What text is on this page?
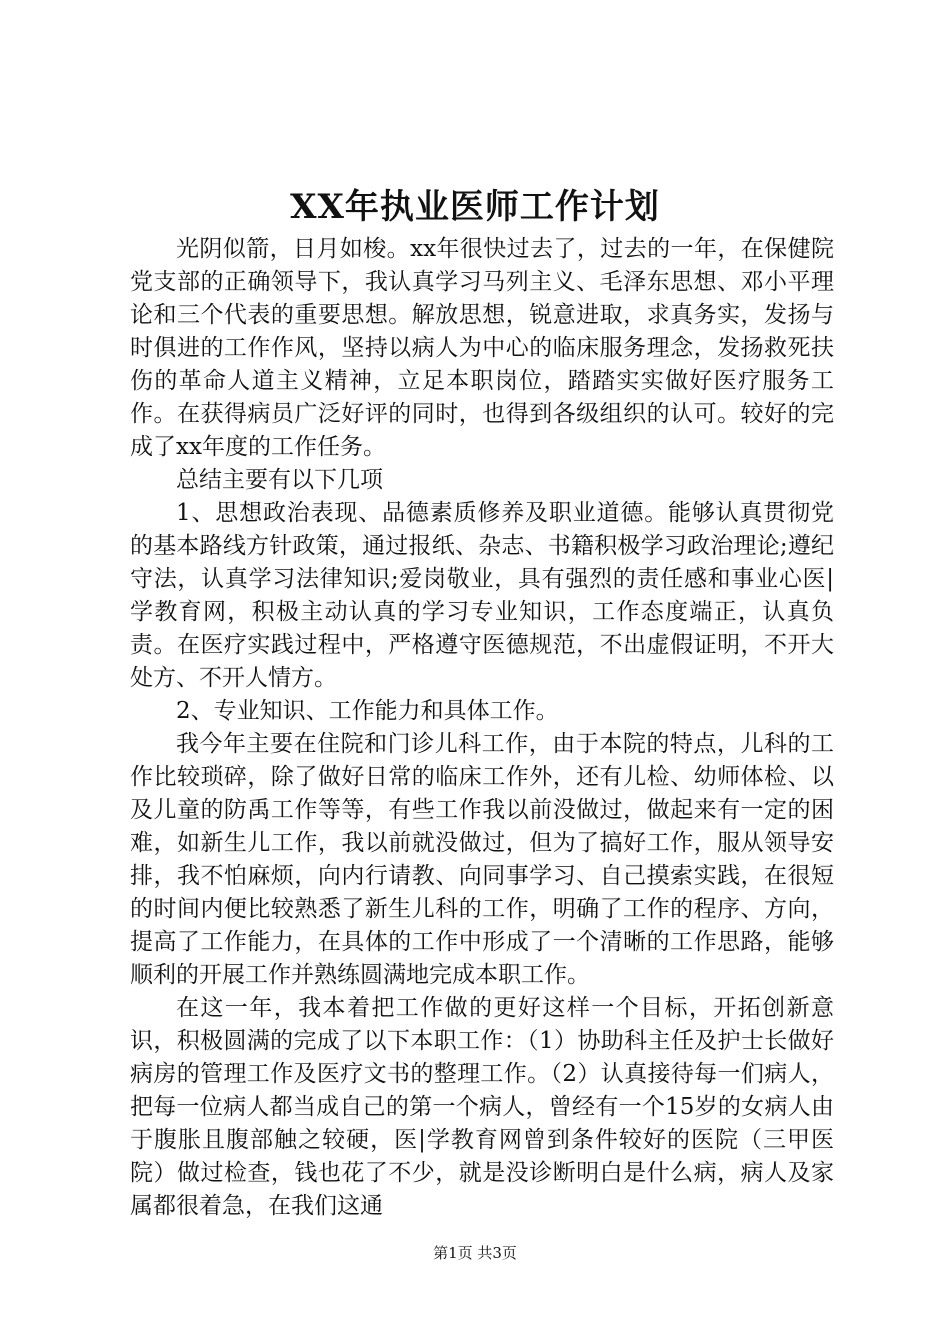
XX年执业医师工作计划

光阴似箭，日月如梭。xx年很快过去了，过去的一年，在保健院党支部的正确领导下，我认真学习马列主义、毛泽东思想、邓小平理论和三个代表的重要思想。解放思想，锐意进取，求真务实，发扬与时俱进的工作作风，坚持以病人为中心的临床服务理念，发扬救死扶伤的革命人道主义精神，立足本职岗位，踏踏实实做好医疗服务工作。在获得病员广泛好评的同时，也得到各级组织的认可。较好的完成了xx年度的工作任务。

总结主要有以下几项

1、思想政治表现、品德素质修养及职业道德。能够认真贯彻党的基本路线方针政策，通过报纸、杂志、书籍积极学习政治理论;遵纪守法，认真学习法律知识;爱岗敬业，具有强烈的责任感和事业心医|学教育网，积极主动认真的学习专业知识，工作态度端正，认真负责。在医疗实践过程中，严格遵守医德规范，不出虚假证明，不开大处方、不开人情方。

2、专业知识、工作能力和具体工作。

我今年主要在住院和门诊儿科工作，由于本院的特点，儿科的工作比较琐碎，除了做好日常的临床工作外，还有儿检、幼师体检、以及儿童的防禹工作等等，有些工作我以前没做过，做起来有一定的困难，如新生儿工作，我以前就没做过，但为了搞好工作，服从领导安排，我不怕麻烦，向内行请教、向同事学习、自己摸索实践，在很短的时间内便比较熟悉了新生儿科的工作，明确了工作的程序、方向，提高了工作能力，在具体的工作中形成了一个清晰的工作思路，能够顺利的开展工作并熟练圆满地完成本职工作。

在这一年，我本着把工作做的更好这样一个目标，开拓创新意识，积极圆满的完成了以下本职工作：（1）协助科主任及护士长做好病房的管理工作及医疗文书的整理工作。（2）认真接待每一们病人，把每一位病人都当成自己的第一个病人，曾经有一个15岁的女病人由于腹胀且腹部触之较硬，医|学教育网曾到条件较好的医院（三甲医院）做过检查，钱也花了不少，就是没诊断明白是什么病，病人及家属都很着急，在我们这通

第1页 共3页
